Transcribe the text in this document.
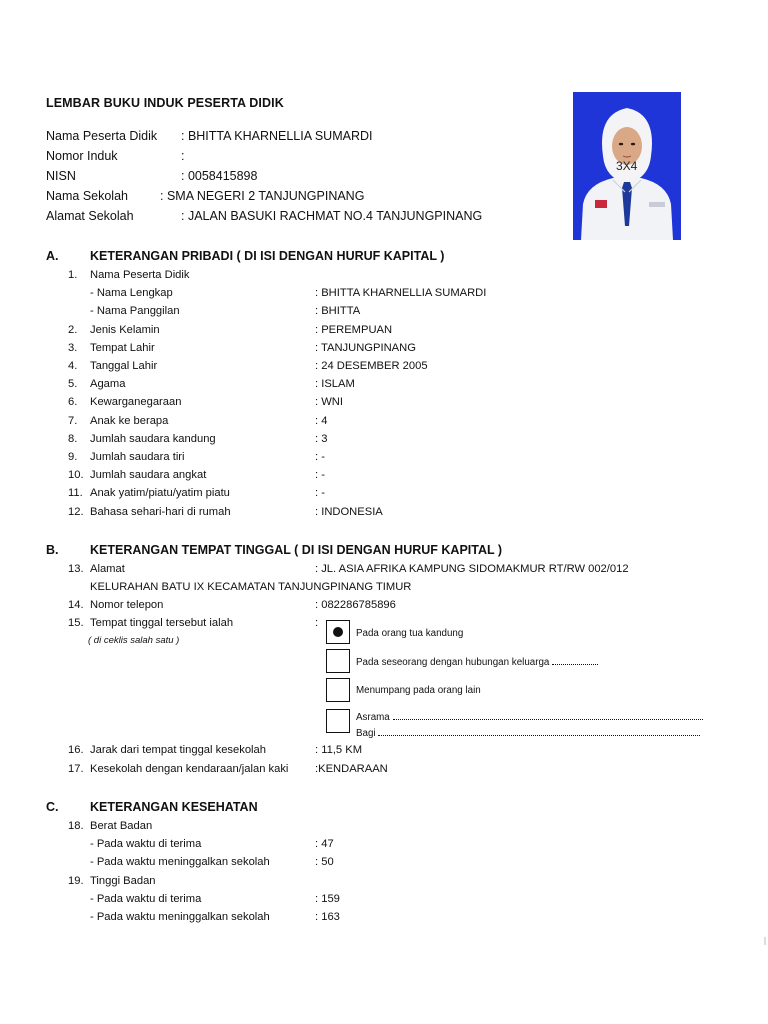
LEMBAR BUKU INDUK PESERTA DIDIK
3X4
Nama Peserta Didik : BHITTA KHARNELLIA SUMARDI
Nomor Induk	:
NISN	: 0058415898
Nama Sekolah	: SMA NEGERI 2 TANJUNGPINANG
Alamat Sekolah	: JALAN BASUKI RACHMAT NO.4 TANJUNGPINANG
A.	KETERANGAN PRIBADI ( DI ISI DENGAN HURUF KAPITAL )
1. Nama Peserta Didik
- Nama Lengkap	: BHITTA KHARNELLIA SUMARDI
- Nama Panggilan	: BHITTA
2. Jenis Kelamin	: PEREMPUAN
3. Tempat Lahir	: TANJUNGPINANG
4. Tanggal Lahir	: 24 DESEMBER 2005
5. Agama	: ISLAM
6. Kewarganegaraan	: WNI
7. Anak ke berapa	: 4
8. Jumlah saudara kandung	: 3
9. Jumlah saudara tiri	: -
10. Jumlah saudara angkat	: -
11. Anak yatim/piatu/yatim piatu	: -
12. Bahasa sehari-hari di rumah	: INDONESIA
B.	KETERANGAN TEMPAT TINGGAL ( DI ISI DENGAN HURUF KAPITAL )
13. Alamat	: JL. ASIA AFRIKA KAMPUNG SIDOMAKMUR RT/RW 002/012
KELURAHAN BATU IX KECAMATAN TANJUNGPINANG TIMUR
14. Nomor telepon	: 082286785896
15. Tempat tinggal tersebut ialah	:
( di ceklis salah satu )
Pada orang tua kandung
Pada seseorang dengan hubungan keluarga
Menumpang pada orang lain
Asrama
Bagi
16. Jarak dari tempat tinggal kesekolah	: 11,5 KM
17. Kesekolah dengan kendaraan/jalan kaki :KENDARAAN
C.	KETERANGAN KESEHATAN
18. Berat Badan
- Pada waktu di terima	: 47
- Pada waktu meninggalkan sekolah	: 50
19. Tinggi Badan
- Pada waktu di terima	: 159
- Pada waktu meninggalkan sekolah	: 163
